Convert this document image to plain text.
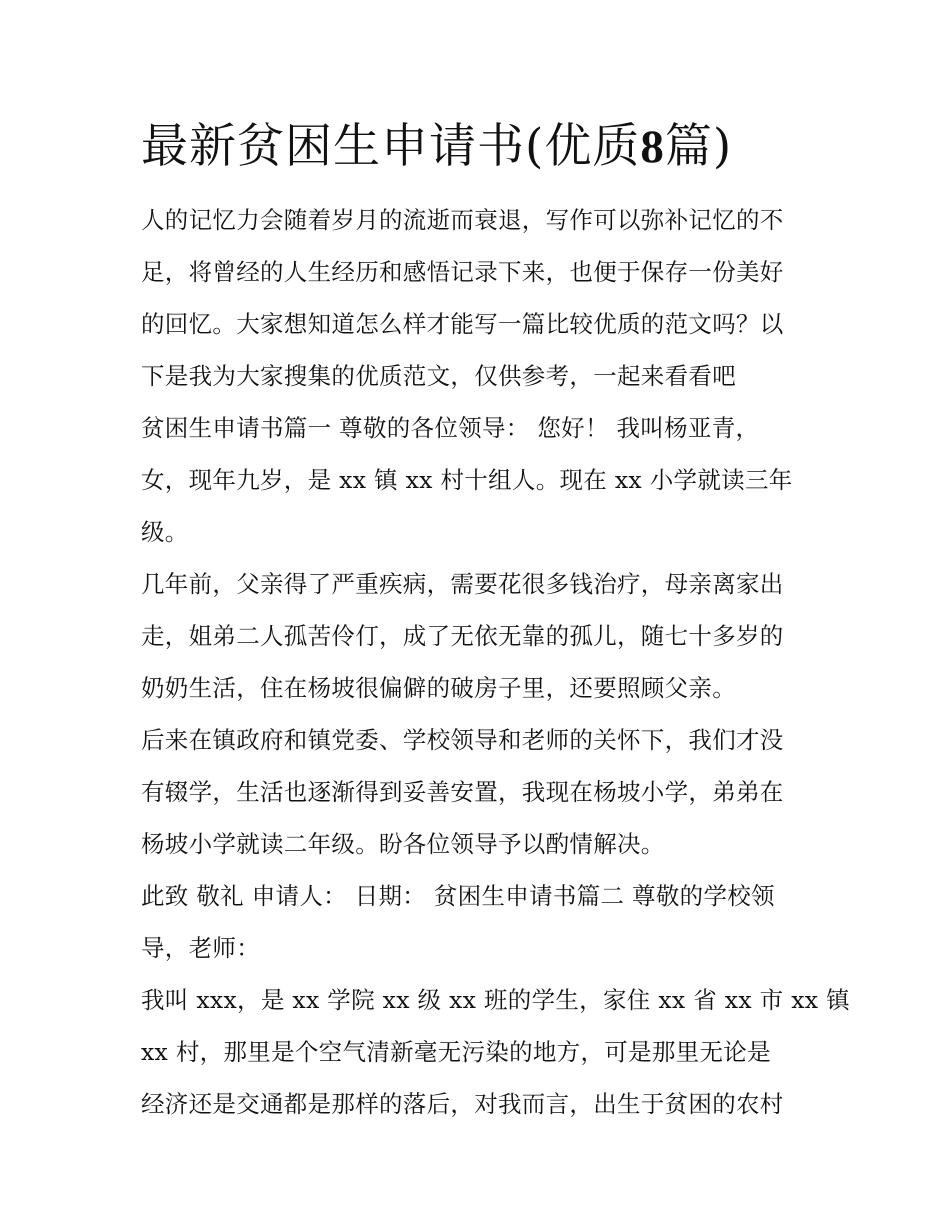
最新贫困生申请书(优质8篇)

人的记忆力会随着岁月的流逝而衰退，写作可以弥补记忆的不
足，将曾经的人生经历和感悟记录下来，也便于保存一份美好
的回忆。大家想知道怎么样才能写一篇比较优质的范文吗？以
下是我为大家搜集的优质范文，仅供参考，一起来看看吧

贫困生申请书篇一 尊敬的各位领导： 您好！ 我叫杨亚青，
女，现年九岁，是 xx 镇 xx 村十组人。现在 xx 小学就读三年
级。

几年前，父亲得了严重疾病，需要花很多钱治疗，母亲离家出
走，姐弟二人孤苦伶仃，成了无依无靠的孤儿，随七十多岁的
奶奶生活，住在杨坡很偏僻的破房子里，还要照顾父亲。

后来在镇政府和镇党委、学校领导和老师的关怀下，我们才没
有辍学，生活也逐渐得到妥善安置，我现在杨坡小学，弟弟在
杨坡小学就读二年级。盼各位领导予以酌情解决。

此致 敬礼 申请人： 日期： 贫困生申请书篇二 尊敬的学校领
导，老师：

我叫 xxx，是 xx 学院 xx 级 xx 班的学生，家住 xx 省 xx 市 xx 镇
xx 村，那里是个空气清新毫无污染的地方，可是那里无论是
经济还是交通都是那样的落后，对我而言，出生于贫困的农村
